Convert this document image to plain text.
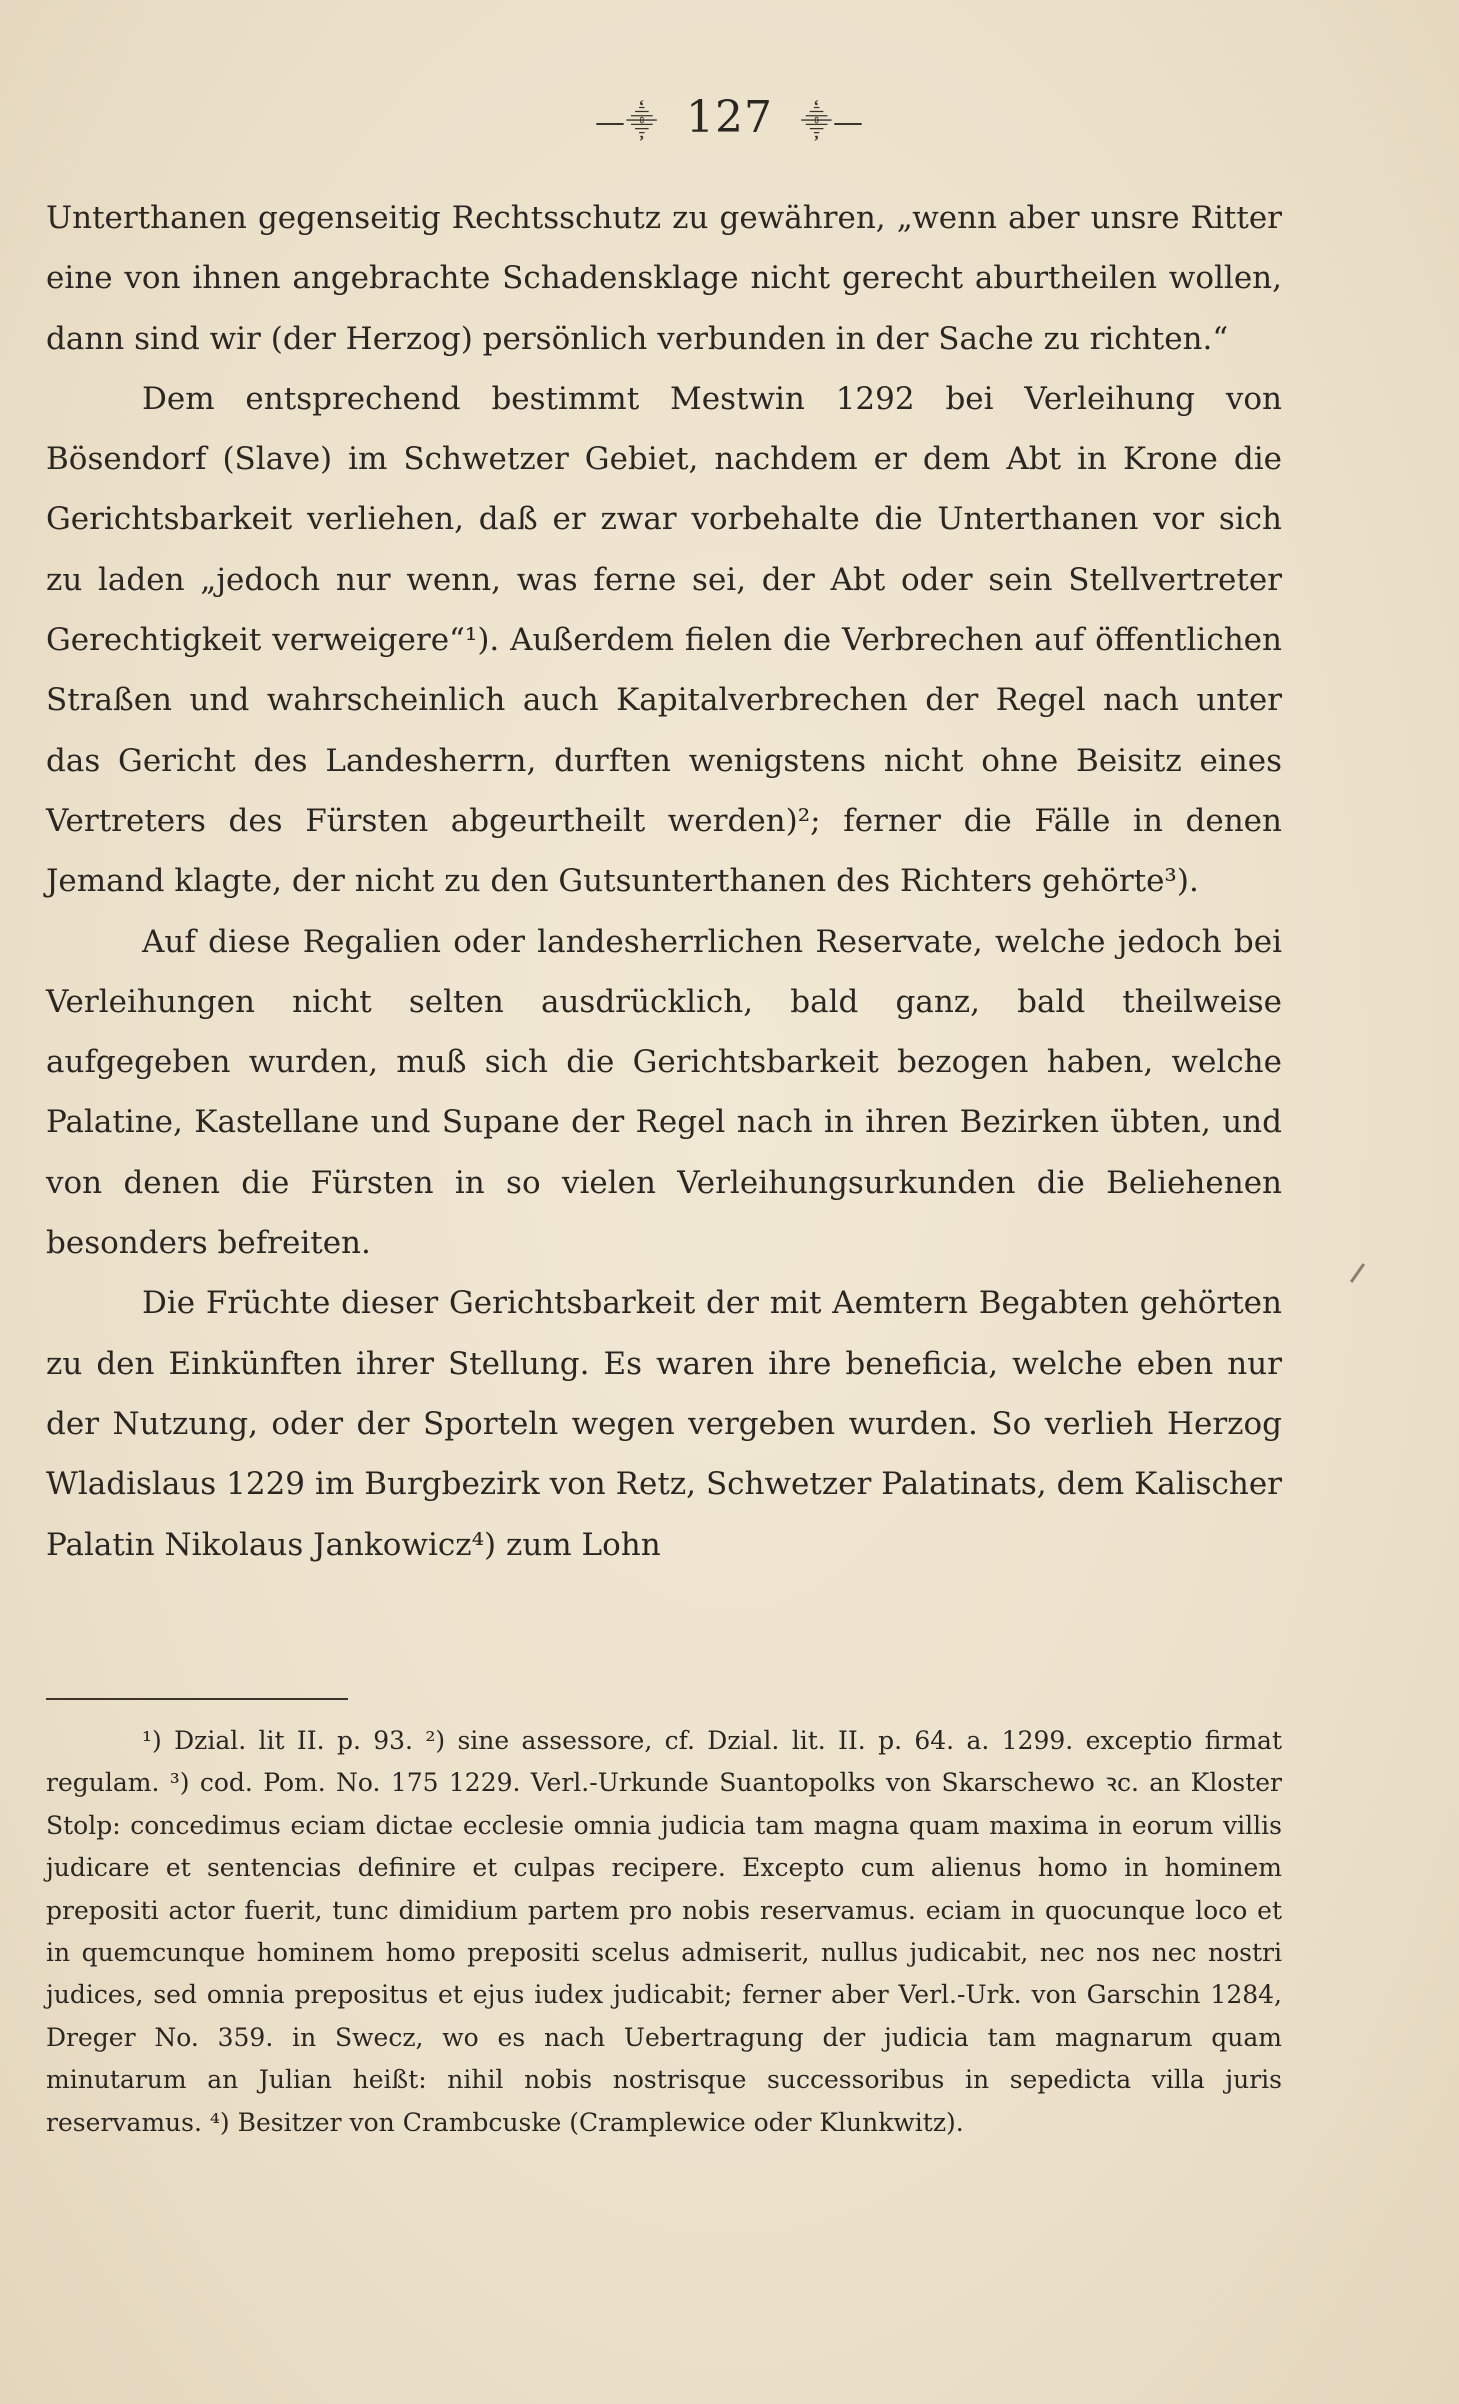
—⸎ 127 ⸎—

Unterthanen gegenseitig Rechtsschutz zu gewähren, „wenn aber unsre Ritter eine von ihnen angebrachte Schadensklage nicht gerecht aburtheilen wollen, dann sind wir (der Herzog) persönlich verbunden in der Sache zu richten.“

Dem entsprechend bestimmt Mestwin 1292 bei Verleihung von Bösendorf (Slave) im Schwetzer Gebiet, nachdem er dem Abt in Krone die Gerichtsbarkeit verliehen, daß er zwar vorbehalte die Unterthanen vor sich zu laden „jedoch nur wenn, was ferne sei, der Abt oder sein Stellvertreter Gerechtigkeit verweigere“¹). Außerdem fielen die Verbrechen auf öffentlichen Straßen und wahrscheinlich auch Kapitalverbrechen der Regel nach unter das Gericht des Landesherrn, durften wenigstens nicht ohne Beisitz eines Vertreters des Fürsten abgeurtheilt werden)²; ferner die Fälle in denen Jemand klagte, der nicht zu den Gutsunterthanen des Richters gehörte³).

Auf diese Regalien oder landesherrlichen Reservate, welche jedoch bei Verleihungen nicht selten ausdrücklich, bald ganz, bald theilweise aufgegeben wurden, muß sich die Gerichtsbarkeit bezogen haben, welche Palatine, Kastellane und Supane der Regel nach in ihren Bezirken übten, und von denen die Fürsten in so vielen Verleihungsurkunden die Beliehenen besonders befreiten.

Die Früchte dieser Gerichtsbarkeit der mit Aemtern Begabten gehörten zu den Einkünften ihrer Stellung. Es waren ihre beneficia, welche eben nur der Nutzung, oder der Sporteln wegen vergeben wurden. So verlieh Herzog Wladislaus 1229 im Burgbezirk von Retz, Schwetzer Palatinats, dem Kalischer Palatin Nikolaus Jankowicz⁴) zum Lohn

¹) Dzial. lit II. p. 93. ²) sine assessore, cf. Dzial. lit. II. p. 64. a. 1299. exceptio firmat regulam. ³) cod. Pom. No. 175 1229. Verl.-Urkunde Suantopolks von Skarschewo ꝛc. an Kloster Stolp: concedimus eciam dictae ecclesie omnia judicia tam magna quam maxima in eorum villis judicare et sentencias definire et culpas recipere. Excepto cum alienus homo in hominem prepositi actor fuerit, tunc dimidium partem pro nobis reservamus. eciam in quocunque loco et in quemcunque hominem homo prepositi scelus admiserit, nullus judicabit, nec nos nec nostri judices, sed omnia prepositus et ejus iudex judicabit; ferner aber Verl.-Urk. von Garschin 1284, Dreger No. 359. in Swecz, wo es nach Uebertragung der judicia tam magnarum quam minutarum an Julian heißt: nihil nobis nostrisque successoribus in sepedicta villa juris reservamus. ⁴) Besitzer von Crambcuske (Cramplewice oder Klunkwitz).
